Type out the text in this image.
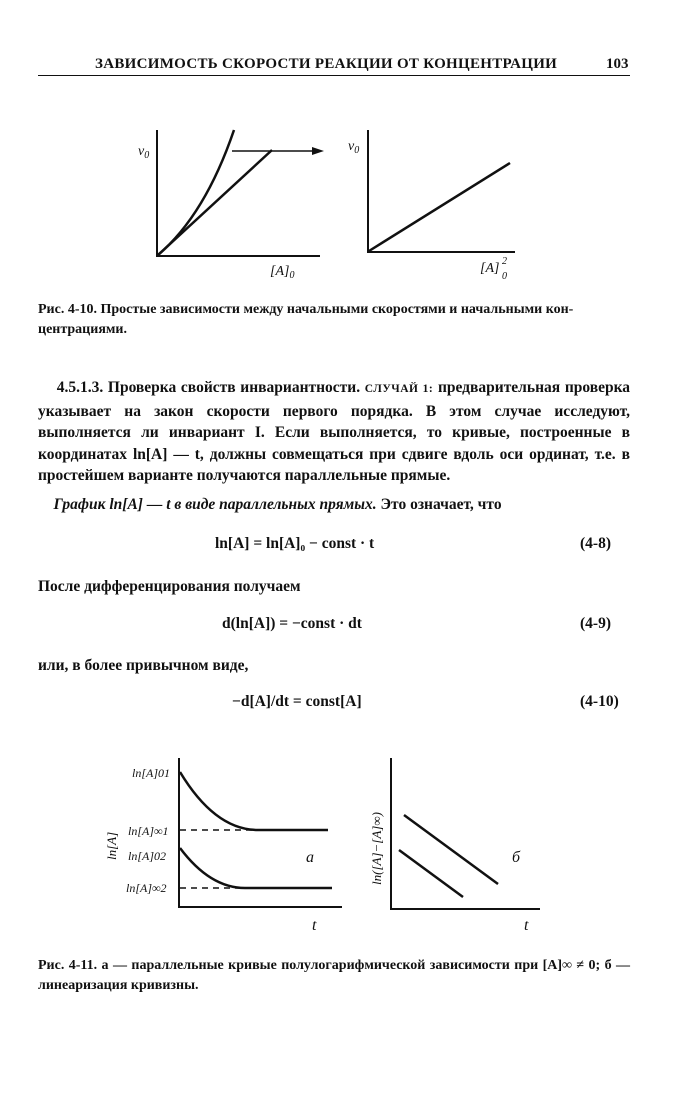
ЗАВИСИМОСТЬ СКОРОСТИ РЕАКЦИИ ОТ КОНЦЕНТРАЦИИ	103
$v_0$
$[A]_0$
$v_0$
[A] 2
0
Рис. 4-10. Простые зависимости между начальными скоростями и начальными кон-центрациями.
4.5.1.3. Проверка свойств инвариантности. СЛУЧАЙ 1: предварительная проверка указывает на закон скорости первого порядка. В этом случае исследуют, выполняется ли инвариант I. Если выполняется, то кривые, построенные в координатах ln[A] — t, должны совмещаться при сдвиге вдоль оси ординат, т.е. в простейшем варианте получаются параллельные прямые.
График ln[A] — t в виде параллельных прямых. Это означает, что
ln[A] = ln[A]₀ − const · t	(4-8)
После дифференцирования получаем
d(ln[A]) = −const · dt	(4-9)
или, в более привычном виде,
−d[A]/dt = const[A]	(4-10)
ln[A]01
ln[A]∞1
ln[A]02
ln[A]∞2
ln[A]
t
a	ln([A]−[A]∞)
t
б
Рис. 4-11. а — параллельные кривые полулогарифмической зависимости при [A]∞ ≠ 0; б — линеаризация кривизны.
